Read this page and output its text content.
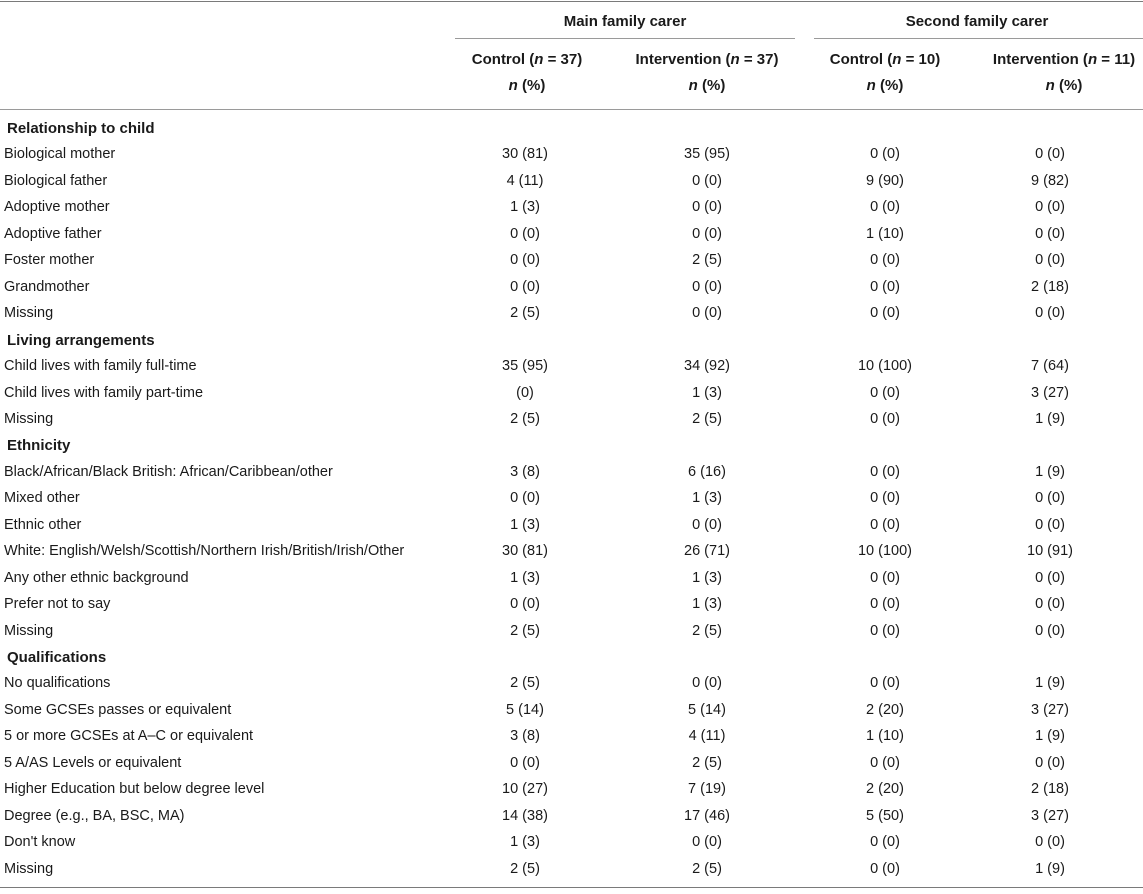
Main family carer	Second family carer
Control (n = 37)	Intervention (n = 37)	Control (n = 10)	Intervention (n = 11)
n (%)	n (%)	n (%)	n (%)
Relationship to child
Biological mother	30 (81)	35 (95)	0 (0)	0 (0)
Biological father	4 (11)	0 (0)	9 (90)	9 (82)
Adoptive mother	1 (3)	0 (0)	0 (0)	0 (0)
Adoptive father	0 (0)	0 (0)	1 (10)	0 (0)
Foster mother	0 (0)	2 (5)	0 (0)	0 (0)
Grandmother	0 (0)	0 (0)	0 (0)	2 (18)
Missing	2 (5)	0 (0)	0 (0)	0 (0)
Living arrangements
Child lives with family full-time	35 (95)	34 (92)	10 (100)	7 (64)
Child lives with family part-time	(0)	1 (3)	0 (0)	3 (27)
Missing	2 (5)	2 (5)	0 (0)	1 (9)
Ethnicity
Black/African/Black British: African/Caribbean/other	3 (8)	6 (16)	0 (0)	1 (9)
Mixed other	0 (0)	1 (3)	0 (0)	0 (0)
Ethnic other	1 (3)	0 (0)	0 (0)	0 (0)
White: English/Welsh/Scottish/Northern Irish/British/Irish/Other	30 (81)	26 (71)	10 (100)	10 (91)
Any other ethnic background	1 (3)	1 (3)	0 (0)	0 (0)
Prefer not to say	0 (0)	1 (3)	0 (0)	0 (0)
Missing	2 (5)	2 (5)	0 (0)	0 (0)
Qualifications
No qualifications	2 (5)	0 (0)	0 (0)	1 (9)
Some GCSEs passes or equivalent	5 (14)	5 (14)	2 (20)	3 (27)
5 or more GCSEs at A–C or equivalent	3 (8)	4 (11)	1 (10)	1 (9)
5 A/AS Levels or equivalent	0 (0)	2 (5)	0 (0)	0 (0)
Higher Education but below degree level	10 (27)	7 (19)	2 (20)	2 (18)
Degree (e.g., BA, BSC, MA)	14 (38)	17 (46)	5 (50)	3 (27)
Don't know	1 (3)	0 (0)	0 (0)	0 (0)
Missing	2 (5)	2 (5)	0 (0)	1 (9)
